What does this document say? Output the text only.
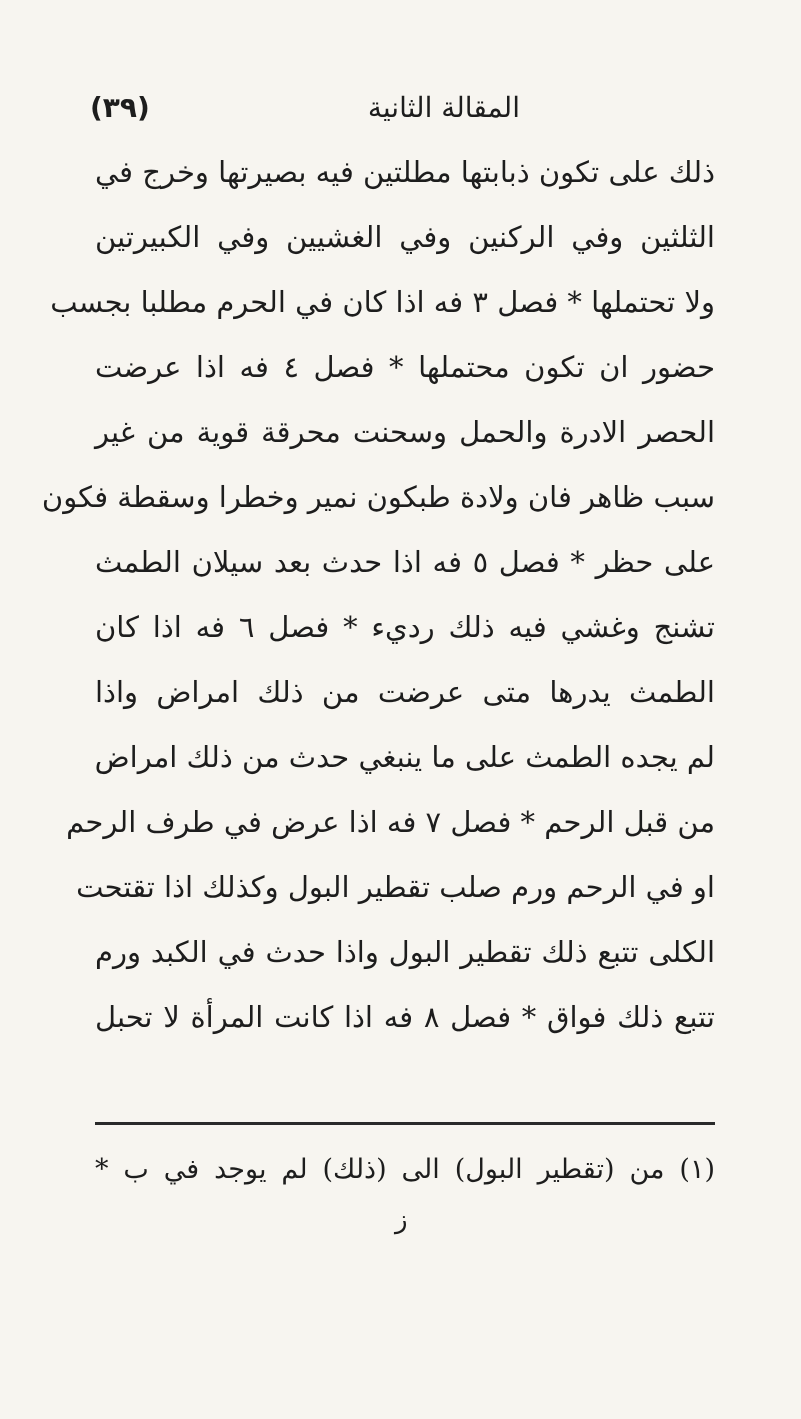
(٣٩)	المقالة الثانية
ذلك على تكون ذبابتها مطلتين فيه بصيرتها وخرج في
الثلثين وفي الركنين وفي الغشيين وفي الكبيرتين
ولا تحتملها * فصل ٣ فه اذا كان في الحرم مطلبا بجسب
حضور ان تكون محتملها * فصل ٤ فه اذا عرضت
الحصر الادرة والحمل وسحنت محرقة قوية من غير
سبب ظاهر فان ولادة طبكون نمير وخطرا وسقطة فكون
على حظر * فصل ٥ فه اذا حدث بعد سيلان الطمث
تشنج وغشي فيه ذلك رديء * فصل ٦ فه اذا كان
الطمث يدرها متى عرضت من ذلك امراض واذا
لم يجده الطمث على ما ينبغي حدث من ذلك امراض
من قبل الرحم * فصل ٧ فه اذا عرض في طرف الرحم
او في الرحم ورم صلب تقطير البول وكذلك اذا تقتحت
الكلى تتبع ذلك تقطير البول واذا حدث في الكبد ورم
تتبع ذلك فواق * فصل ٨ فه اذا كانت المرأة لا تحبل
(١) من (تقطير البول) الى (ذلك) لم يوجد في ب *
ز
